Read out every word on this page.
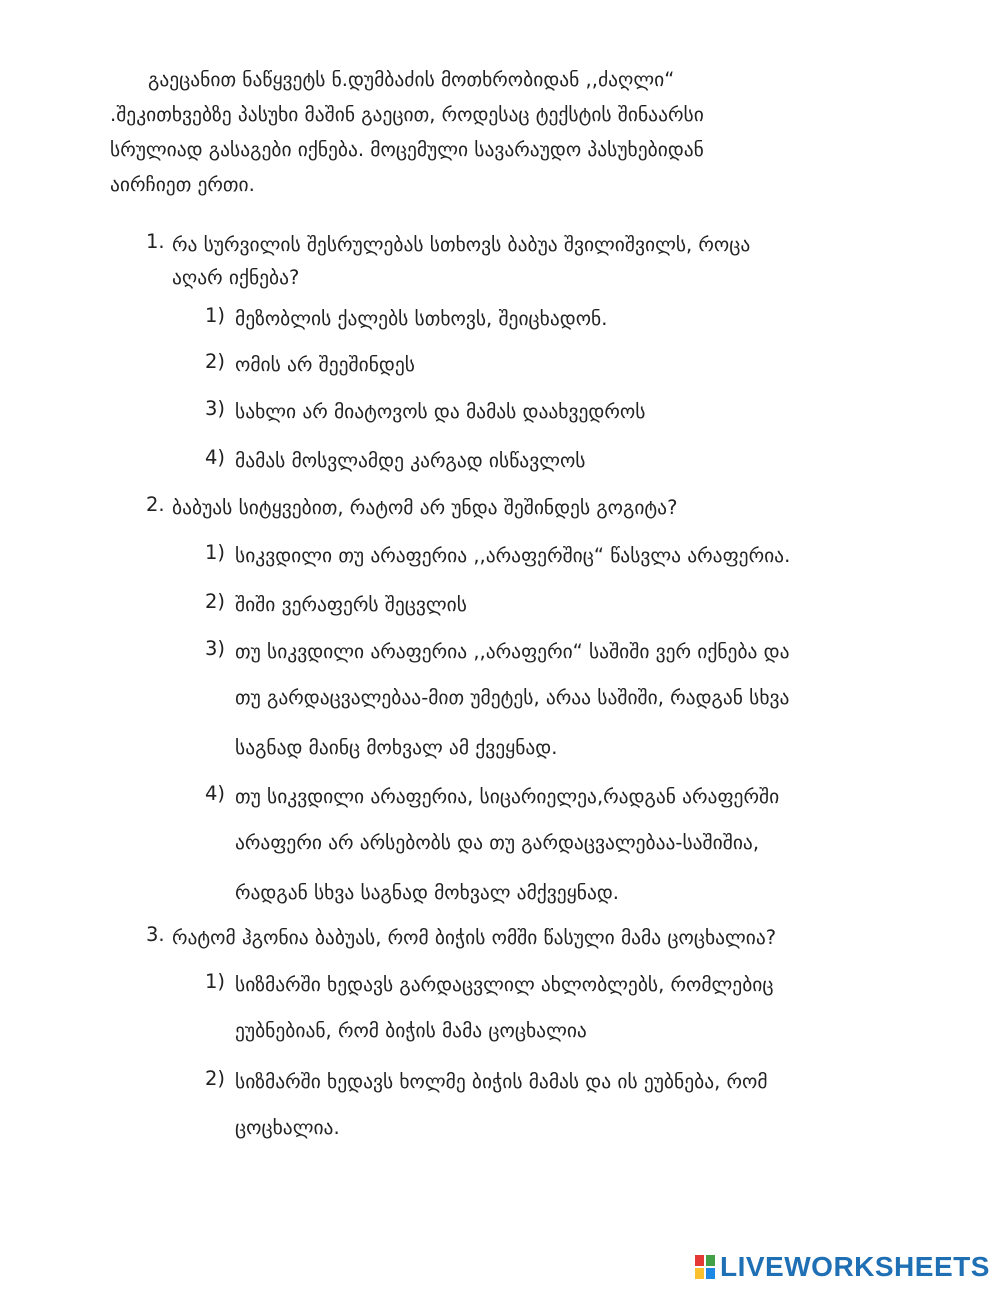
გაეცანით ნაწყვეტს ნ.დუმბაძის მოთხრობიდან ,,ძაღლი“
.შეკითხვებზე პასუხი მაშინ გაეცით, როდესაც ტექსტის შინაარსი
სრულიად გასაგები იქნება. მოცემული სავარაუდო პასუხებიდან
აირჩიეთ ერთი.
1. რა სურვილის შესრულებას სთხოვს ბაბუა შვილიშვილს, როცა
აღარ იქნება?
1) მეზობლის ქალებს სთხოვს, შეიცხადონ.
2) ომის არ შეეშინდეს
3) სახლი არ მიატოვოს და მამას დაახვედროს
4) მამას მოსვლამდე კარგად ისწავლოს
2. ბაბუას სიტყვებით, რატომ არ უნდა შეშინდეს გოგიტა?
1) სიკვდილი თუ არაფერია ,,არაფერშიც“ წასვლა არაფერია.
2) შიში ვერაფერს შეცვლის
3) თუ სიკვდილი არაფერია ,,არაფერი“ საშიში ვერ იქნება და
თუ გარდაცვალებაა-მით უმეტეს, არაა საშიში, რადგან სხვა
საგნად მაინც მოხვალ ამ ქვეყნად.
4) თუ სიკვდილი არაფერია, სიცარიელეა,რადგან არაფერში
არაფერი არ არსებობს და თუ გარდაცვალებაა-საშიშია,
რადგან სხვა საგნად მოხვალ ამქვეყნად.
3. რატომ ჰგონია ბაბუას, რომ ბიჭის ომში წასული მამა ცოცხალია?
1) სიზმარში ხედავს გარდაცვლილ ახლობლებს, რომლებიც
ეუბნებიან, რომ ბიჭის მამა ცოცხალია
2) სიზმარში ხედავს ხოლმე ბიჭის მამას და ის ეუბნება, რომ
ცოცხალია.
LIVEWORKSHEETS
